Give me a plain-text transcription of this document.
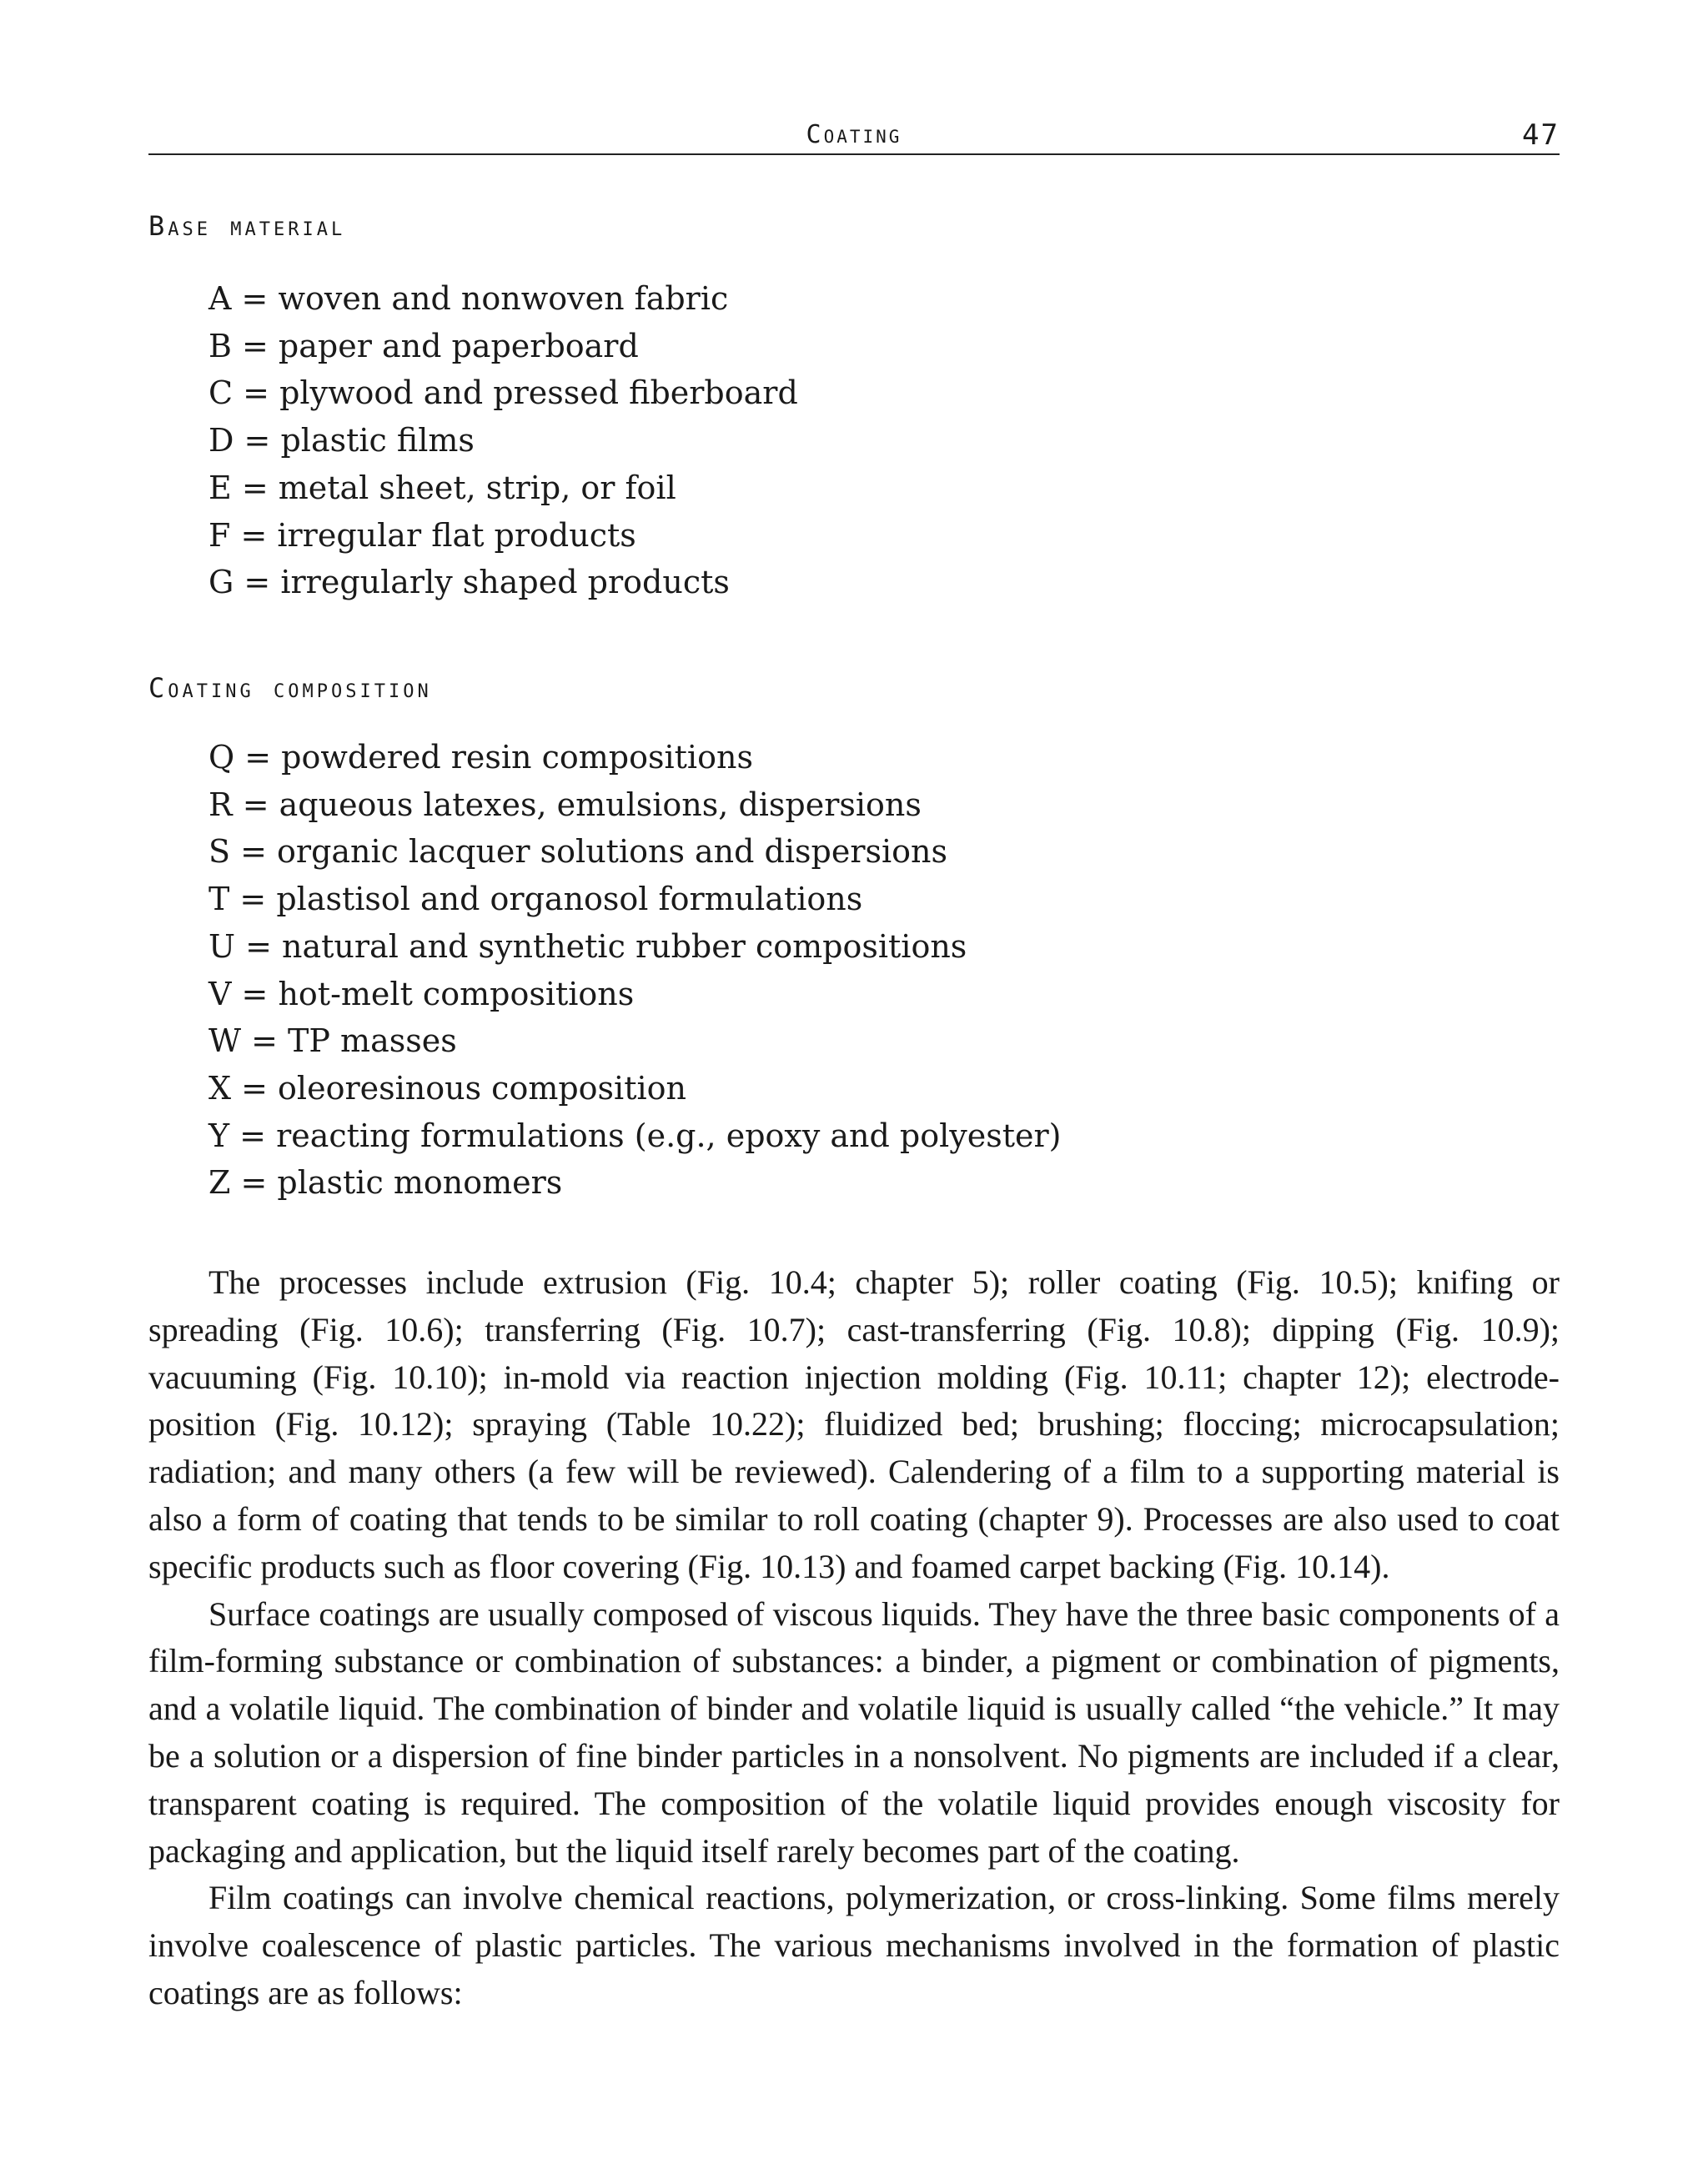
Coating	47
Base material
A = woven and nonwoven fabric
B = paper and paperboard
C = plywood and pressed fiberboard
D = plastic films
E = metal sheet, strip, or foil
F = irregular flat products
G = irregularly shaped products
Coating composition
Q = powdered resin compositions
R = aqueous latexes, emulsions, dispersions
S = organic lacquer solutions and dispersions
T = plastisol and organosol formulations
U = natural and synthetic rubber compositions
V = hot-melt compositions
W = TP masses
X = oleoresinous composition
Y = reacting formulations (e.g., epoxy and polyester)
Z = plastic monomers

The processes include extrusion (Fig. 10.4; chapter 5); roller coating (Fig. 10.5); knifing or spreading (Fig. 10.6); transferring (Fig. 10.7); cast-transferring (Fig. 10.8); dipping (Fig. 10.9); vacuuming (Fig. 10.10); in-mold via reaction injection molding (Fig. 10.11; chapter 12); electrode-position (Fig. 10.12); spraying (Table 10.22); fluidized bed; brushing; floccing; microcapsulation; radiation; and many others (a few will be reviewed). Calendering of a film to a supporting material is also a form of coating that tends to be similar to roll coating (chapter 9). Processes are also used to coat specific products such as floor covering (Fig. 10.13) and foamed carpet backing (Fig. 10.14).

Surface coatings are usually composed of viscous liquids. They have the three basic components of a film-forming substance or combination of substances: a binder, a pigment or combination of pigments, and a volatile liquid. The combination of binder and volatile liquid is usually called “the vehicle.” It may be a solution or a dispersion of fine binder particles in a nonsolvent. No pigments are included if a clear, transparent coating is required. The composition of the volatile liquid provides enough viscosity for packaging and application, but the liquid itself rarely becomes part of the coating.

Film coatings can involve chemical reactions, polymerization, or cross-linking. Some films merely involve coalescence of plastic particles. The various mechanisms involved in the formation of plastic coatings are as follows:
